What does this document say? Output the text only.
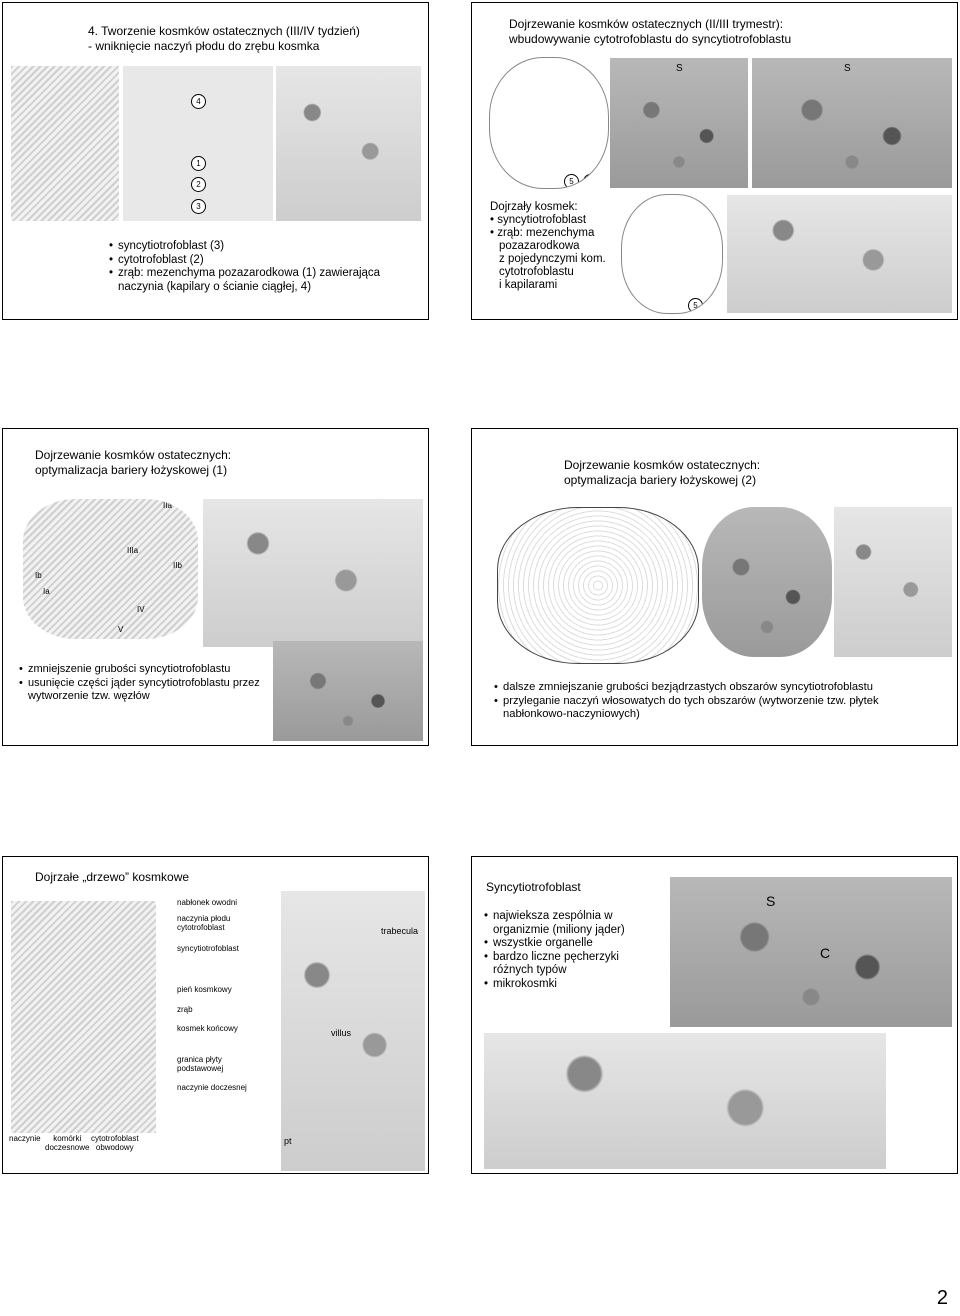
4. Tworzenie kosmków ostatecznych (III/IV tydzień)
- wniknięcie naczyń płodu do zrębu kosmka
4
1
2
3
• syncytiotrofoblast (3)
• cytotrofoblast (2)
• zrąb: mezenchyma pozazarodkowa (1) zawierająca naczynia (kapilary o ścianie ciągłej, 4)
Dojrzewanie kosmków ostatecznych (II/III trymestr):
wbudowywanie cytotrofoblastu do syncytiotrofoblastu
5	6
S	S
Dojrzały kosmek:
• syncytiotrofoblast
• zrąb: mezenchyma
pozazarodkowa
z pojedynczymi kom.
cytotrofoblastu
i kapilarami
5	6
Dojrzewanie kosmków ostatecznych:
optymalizacja bariery łożyskowej (1)
I
IIa
IIIa
IIb
Ib
Ia
IV
V
• zmniejszenie grubości syncytiotrofoblastu
• usunięcie części jąder syncytiotrofoblastu przez wytworzenie tzw. węzłów
Dojrzewanie kosmków ostatecznych:
optymalizacja bariery łożyskowej (2)
• dalsze zmniejszanie grubości bezjądrzastych obszarów syncytiotrofoblastu
• przyleganie naczyń włosowatych do tych obszarów (wytworzenie tzw. płytek nabłonkowo-naczyniowych)
Dojrzałe „drzewo” kosmkowe
nabłonek owodni
naczynia płodu
cytotrofoblast
syncytiotrofoblast
pień kosmkowy
zrąb
kosmek końcowy
granica płyty
podstawowej
naczynie doczesnej
naczynie	komórki
doczesnowe
cytotrofoblast
obwodowy
trabecula
villus
pt
Syncytiotrofoblast
• najwieksza zespólnia w organizmie (miliony jąder)
• wszystkie organelle
• bardzo liczne pęcherzyki różnych typów
• mikrokosmki
S
C
2
